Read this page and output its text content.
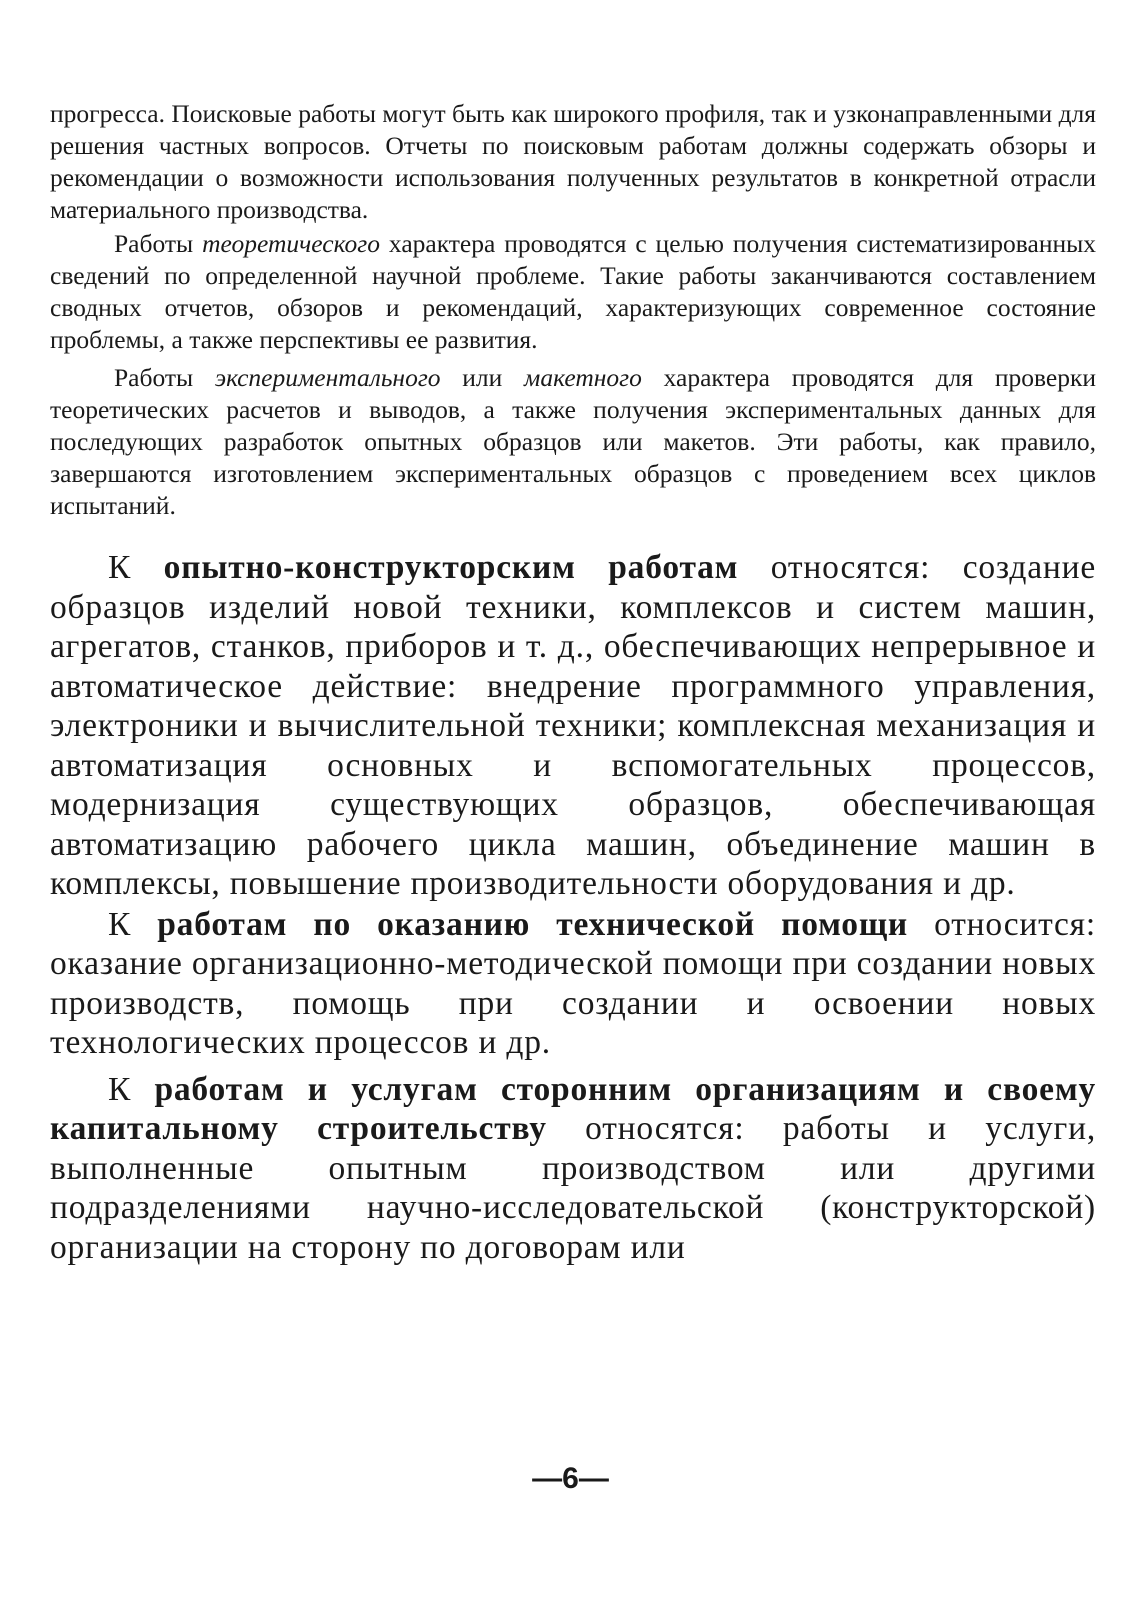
прогресса. Поисковые работы могут быть как широкого профиля, так и узконаправленными для решения частных вопросов. Отчеты по поисковым работам должны содержать обзоры и рекомендации о возможности использования полученных результатов в конкретной отрасли материального производства.

Работы теоретического характера проводятся с целью получения систематизированных сведений по определенной научной проблеме. Такие работы заканчиваются составлением сводных отчетов, обзоров и рекомендаций, характеризующих современное состояние проблемы, а также перспективы ее развития.

Работы экспериментального или макетного характера проводятся для проверки теоретических расчетов и выводов, а также получения экспериментальных данных для последующих разработок опытных образцов или макетов. Эти работы, как правило, завершаются изготовлением экспериментальных образцов с проведением всех циклов испытаний.

К опытно-конструкторским работам относятся: создание образцов изделий новой техники, комплексов и систем машин, агрегатов, станков, приборов и т. д., обеспечивающих непрерывное и автоматическое действие: внедрение программного управления, электроники и вычислительной техники; комплексная механизация и автоматизация основных и вспомогательных процессов, модернизация существующих образцов, обеспечивающая автоматизацию рабочего цикла машин, объединение машин в комплексы, повышение производительности оборудования и др.

К работам по оказанию технической помощи относится: оказание организационно-методической помощи при создании новых производств, помощь при создании и освоении новых технологических процессов и др.

К работам и услугам сторонним организациям и своему капитальному строительству относятся: работы и услуги, выполненные опытным производством или другими подразделениями научно-исследовательской (конструкторской) организации на сторону по договорам или

—6—
